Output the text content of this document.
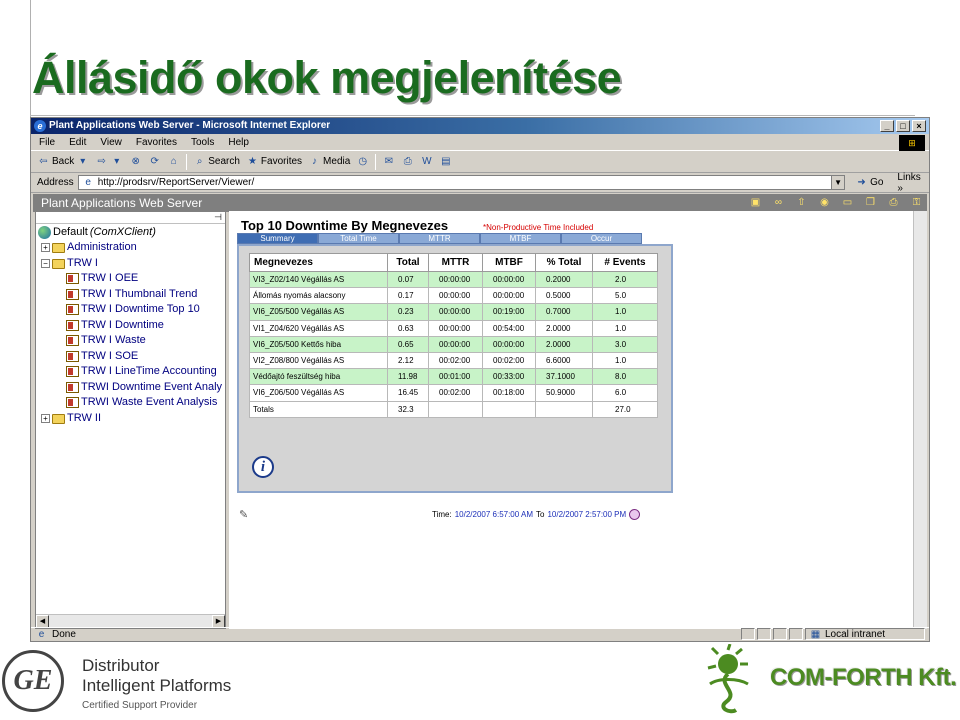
Állásidő okok megjelenítése
e Plant Applications Web Server - Microsoft Internet Explorer	_	□	×
File Edit View Favorites Tools Help	⊞
⇦ Back ▾	⇨ ▾	⊗ ⟳	⌂	⌕ Search ★ Favorites	♪ Media ◷ ✉ ⎙ W ▤
Address	e http://prodsrv/ReportServer/Viewer/	▼ ➜ Go Links »
Plant Applications Web Server	▣ ∞ ⇧ ◉ ▭ ❐ ⎙ ⚿
⊣
Default (ComXClient)
+ Administration
− TRW I
TRW I OEE
TRW I Thumbnail Trend
TRW I Downtime Top 10
TRW I Downtime
TRW I Waste
TRW I SOE
TRW I LineTime Accounting
TRWI Downtime Event Analy
TRWI Waste Event Analysis
+ TRW II
◀	▶
Top 10 Downtime By Megnevezes	*Non-Productive Time Included
Summary	Total Time	MTTR	MTBF	Occur
Megnevezes	Total	MTTR	MTBF	% Total	# Events
VI3_Z02/140 Végállás AS	0.07	00:00:00	00:00:00	0.2000	2.0
Állomás nyomás alacsony	0.17	00:00:00	00:00:00	0.5000	5.0
VI6_Z05/500 Végállás AS	0.23	00:00:00	00:19:00	0.7000	1.0
VI1_Z04/620 Végállás AS	0.63	00:00:00	00:54:00	2.0000	1.0
VI6_Z05/500 Kettős hiba	0.65	00:00:00	00:00:00	2.0000	3.0
VI2_Z08/800 Végállás AS	2.12	00:02:00	00:02:00	6.6000	1.0
Védőajtó feszültség hiba	11.98	00:01:00	00:33:00	37.1000	8.0
VI6_Z06/500 Végállás AS	16.45	00:02:00	00:18:00	50.9000	6.0
Totals	32.3				27.0
i
✎	Time: 10/2/2007 6:57:00 AM To 10/2/2007 2:57:00 PM
e Done	▦ Local intranet
GE Distributor
Intelligent Platforms
Certified Support Provider
COM-FORTH Kft.
